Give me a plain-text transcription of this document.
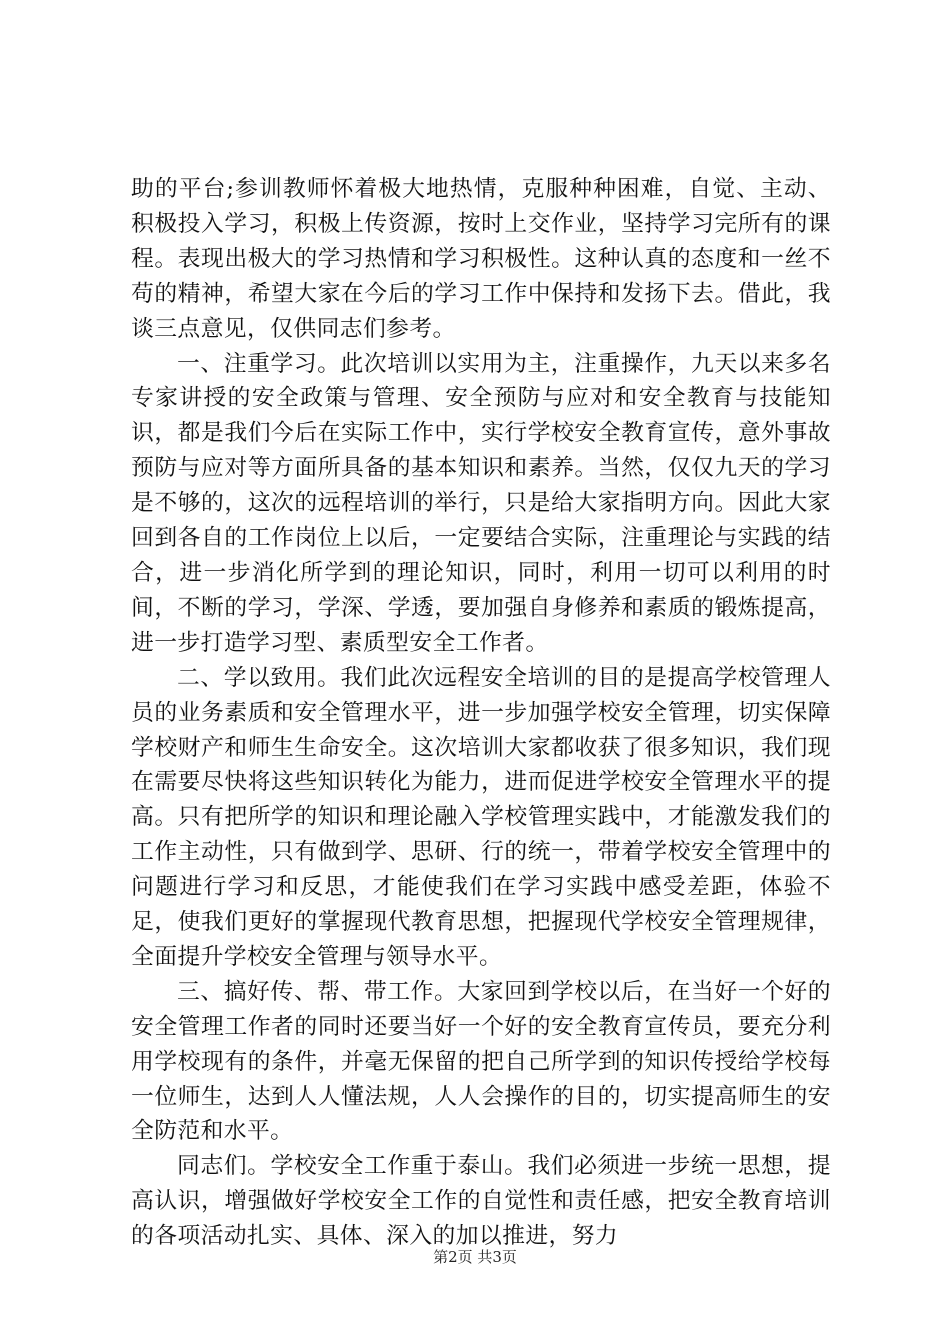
助的平台;参训教师怀着极大地热情，克服种种困难，自觉、主动、积极投入学习，积极上传资源，按时上交作业，坚持学习完所有的课程。表现出极大的学习热情和学习积极性。这种认真的态度和一丝不苟的精神，希望大家在今后的学习工作中保持和发扬下去。借此，我谈三点意见，仅供同志们参考。

一、注重学习。此次培训以实用为主，注重操作，九天以来多名专家讲授的安全政策与管理、安全预防与应对和安全教育与技能知识，都是我们今后在实际工作中，实行学校安全教育宣传，意外事故预防与应对等方面所具备的基本知识和素养。当然，仅仅九天的学习是不够的，这次的远程培训的举行，只是给大家指明方向。因此大家回到各自的工作岗位上以后，一定要结合实际，注重理论与实践的结合，进一步消化所学到的理论知识，同时，利用一切可以利用的时间，不断的学习，学深、学透，要加强自身修养和素质的锻炼提高，进一步打造学习型、素质型安全工作者。

二、学以致用。我们此次远程安全培训的目的是提高学校管理人员的业务素质和安全管理水平，进一步加强学校安全管理，切实保障学校财产和师生生命安全。这次培训大家都收获了很多知识，我们现在需要尽快将这些知识转化为能力，进而促进学校安全管理水平的提高。只有把所学的知识和理论融入学校管理实践中，才能激发我们的工作主动性，只有做到学、思研、行的统一，带着学校安全管理中的问题进行学习和反思，才能使我们在学习实践中感受差距，体验不足，使我们更好的掌握现代教育思想，把握现代学校安全管理规律，全面提升学校安全管理与领导水平。

三、搞好传、帮、带工作。大家回到学校以后，在当好一个好的安全管理工作者的同时还要当好一个好的安全教育宣传员，要充分利用学校现有的条件，并毫无保留的把自己所学到的知识传授给学校每一位师生，达到人人懂法规，人人会操作的目的，切实提高师生的安全防范和水平。

同志们。学校安全工作重于泰山。我们必须进一步统一思想，提高认识，增强做好学校安全工作的自觉性和责任感，把安全教育培训的各项活动扎实、具体、深入的加以推进，努力

第2页 共3页
